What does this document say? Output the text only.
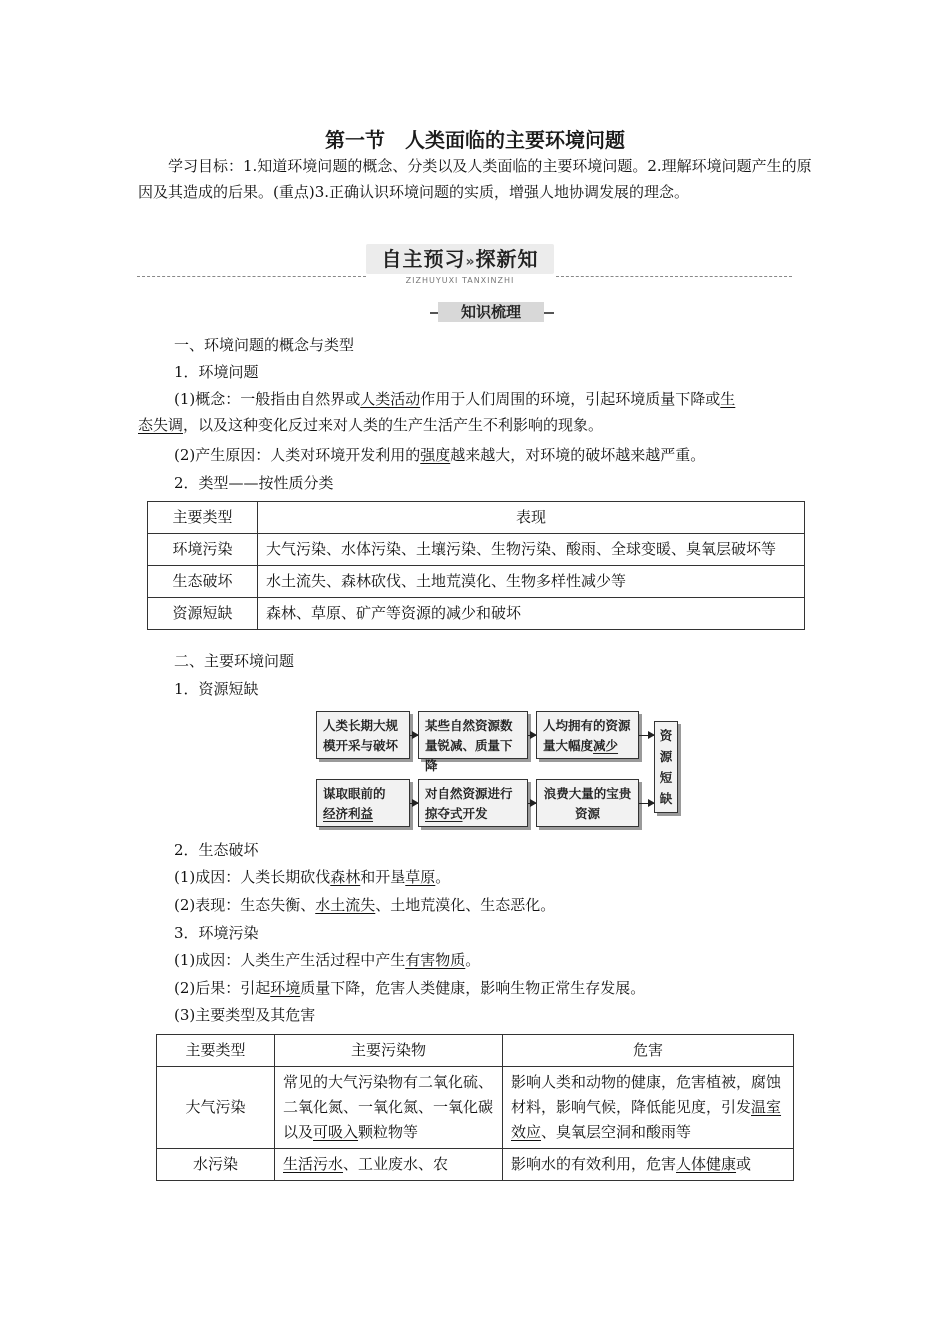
第一节　人类面临的主要环境问题
学习目标：1.知道环境问题的概念、分类以及人类面临的主要环境问题。2.理解环境问题产生的原因及其造成的后果。(重点)3.正确认识环境问题的实质，增强人地协调发展的理念。
自主预习»探新知
ZIZHUYUXI TANXINZHI
知识梳理
一、环境问题的概念与类型
1．环境问题
(1)概念：一般指由自然界或人类活动作用于人们周围的环境，引起环境质量下降或生
态失调，以及这种变化反过来对人类的生产生活产生不利影响的现象。
(2)产生原因：人类对环境开发利用的强度越来越大，对环境的破坏越来越严重。
2．类型——按性质分类
主要类型	表现
环境污染	大气污染、水体污染、土壤污染、生物污染、酸雨、全球变暖、臭氧层破坏等
生态破坏	水土流失、森林砍伐、土地荒漠化、生物多样性减少等
资源短缺	森林、草原、矿产等资源的减少和破坏
二、主要环境问题
1．资源短缺
人类长期大规模开采与破坏
某些自然资源数量锐减、质量下降
人均拥有的资源量大幅度减少
谋取眼前的
经济利益
对自然资源进行
掠夺式开发
浪费大量的宝贵资源
资
源
短
缺
2．生态破坏
(1)成因：人类长期砍伐森林和开垦草原。
(2)表现：生态失衡、水土流失、土地荒漠化、生态恶化。
3．环境污染
(1)成因：人类生产生活过程中产生有害物质。
(2)后果：引起环境质量下降，危害人类健康，影响生物正常生存发展。
(3)主要类型及其危害
主要类型	主要污染物	危害
大气污染	常见的大气污染物有二氧化硫、二氧化氮、一氧化氮、一氧化碳以及可吸入颗粒物等	影响人类和动物的健康，危害植被，腐蚀材料，影响气候，降低能见度，引发温室效应、臭氧层空洞和酸雨等
水污染	生活污水、工业废水、农	影响水的有效利用，危害人体健康或
